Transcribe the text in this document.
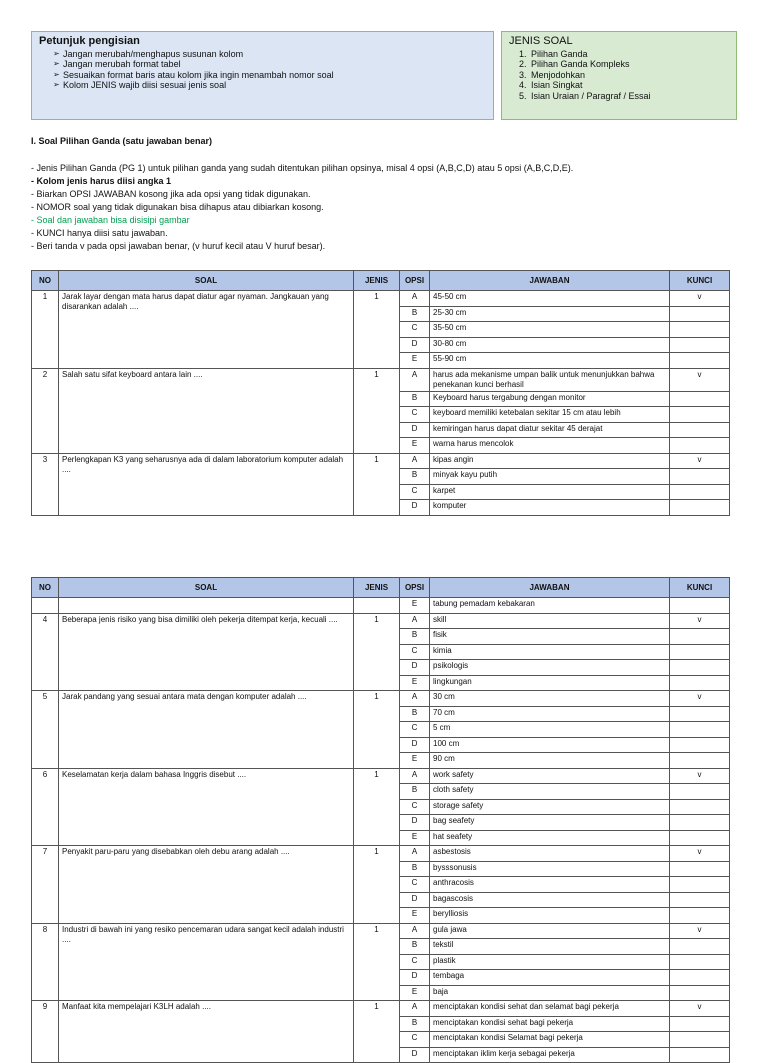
Petunjuk pengisian
➢ Jangan merubah/menghapus susunan kolom
➢ Jangan merubah format tabel
➢ Sesuaikan format baris atau kolom jika ingin menambah nomor soal
➢ Kolom JENIS wajib diisi sesuai jenis soal
JENIS SOAL
1. Pilihan Ganda
2. Pilihan Ganda Kompleks
3. Menjodohkan
4. Isian Singkat
5. Isian Uraian / Paragraf / Essai
I. Soal Pilihan Ganda (satu jawaban benar)
- Jenis Pilihan Ganda (PG 1) untuk pilihan ganda yang sudah ditentukan pilihan opsinya, misal 4 opsi (A,B,C,D) atau 5 opsi (A,B,C,D,E).
- Kolom jenis harus diisi angka 1
- Biarkan OPSI JAWABAN kosong jika ada opsi yang tidak digunakan.
- NOMOR soal yang tidak digunakan bisa dihapus atau dibiarkan kosong.
- Soal dan jawaban bisa disisipi gambar
- KUNCI hanya diisi satu jawaban.
- Beri tanda v pada opsi jawaban benar, (v huruf kecil atau V huruf besar).
NO	SOAL	JENIS	OPSI	JAWABAN	KUNCI
1	Jarak layar dengan mata harus dapat diatur agar nyaman. Jangkauan yang disarankan adalah ....	1	A	45-50 cm	v
			B	25-30 cm	
			C	35-50 cm	
			D	30-80 cm	
			E	55-90 cm	
2	Salah satu sifat keyboard antara lain ....	1	A	harus ada mekanisme umpan balik untuk menunjukkan bahwa penekanan kunci berhasil	v
			B	Keyboard harus tergabung dengan monitor	
			C	keyboard memiliki ketebalan sekitar 15 cm atau lebih	
			D	kemiringan harus dapat diatur sekitar 45 derajat	
			E	warna harus mencolok	
3	Perlengkapan K3 yang seharusnya ada di dalam laboratorium komputer adalah ....	1	A	kipas angin	v
			B	minyak kayu putih	
			C	karpet	
			D	komputer	
NO	SOAL	JENIS	OPSI	JAWABAN	KUNCI
			E	tabung pemadam kebakaran	
4	Beberapa jenis risiko yang bisa dimiliki oleh pekerja ditempat kerja, kecuali ....	1	A	skill	v
			B	fisik	
			C	kimia	
			D	psikologis	
			E	lingkungan	
5	Jarak pandang yang sesuai antara mata dengan komputer adalah ....	1	A	30 cm	v
			B	70 cm	
			C	5 cm	
			D	100 cm	
			E	90 cm	
6	Keselamatan kerja dalam bahasa Inggris disebut ....	1	A	work safety	v
			B	cloth safety	
			C	storage safety	
			D	bag seafety	
			E	hat seafety	
7	Penyakit paru-paru yang disebabkan oleh debu arang adalah ....	1	A	asbestosis	v
			B	bysssonusis	
			C	anthracosis	
			D	bagascosis	
			E	berylliosis	
8	Industri di bawah ini yang resiko pencemaran udara sangat kecil adalah industri ....	1	A	gula jawa	v
			B	tekstil	
			C	plastik	
			D	tembaga	
			E	baja	
9	Manfaat kita mempelajari K3LH adalah ....	1	A	menciptakan kondisi sehat dan selamat bagi pekerja	v
			B	menciptakan kondisi sehat bagi pekerja	
			C	menciptakan kondisi Selamat bagi pekerja	
			D	menciptakan iklim kerja sebagai pekerja	
